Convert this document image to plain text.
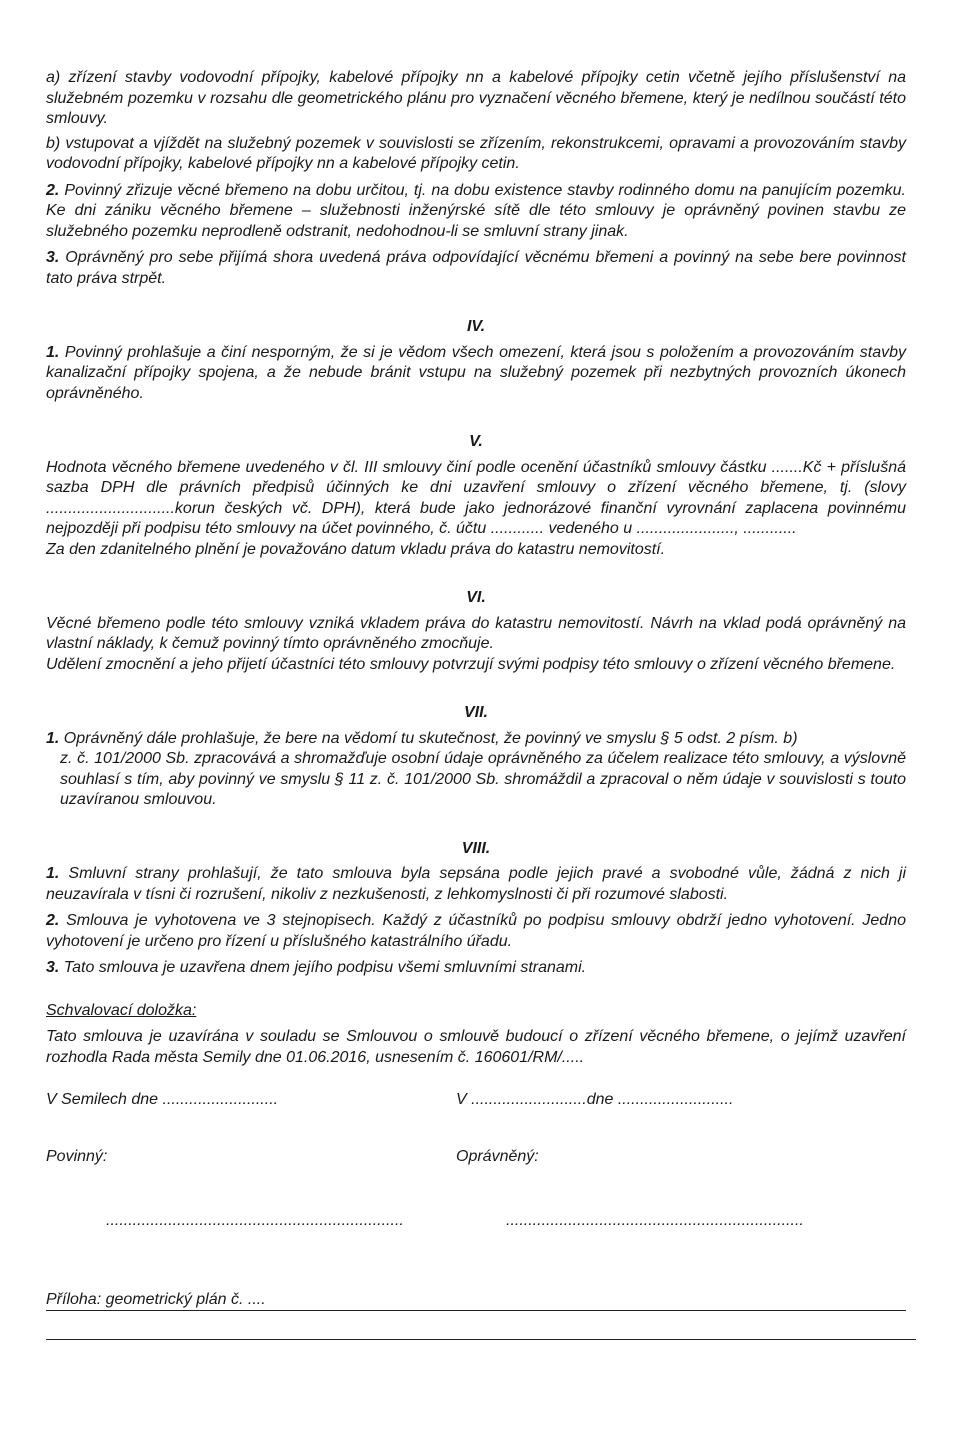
a) zřízení stavby vodovodní přípojky, kabelové přípojky nn a kabelové přípojky cetin včetně jejího příslušenství na služebném pozemku v rozsahu dle geometrického plánu pro vyznačení věcného břemene, který je nedílnou součástí této smlouvy.

b) vstupovat a vjíždět na služebný pozemek v souvislosti se zřízením, rekonstrukcemi, opravami a provozováním stavby vodovodní přípojky, kabelové přípojky nn a kabelové přípojky cetin.

2. Povinný zřizuje věcné břemeno na dobu určitou, tj. na dobu existence stavby rodinného domu na panujícím pozemku. Ke dni zániku věcného břemene – služebnosti inženýrské sítě dle této smlouvy je oprávněný povinen stavbu ze služebného pozemku neprodleně odstranit, nedohodnou-li se smluvní strany jinak.

3. Oprávněný pro sebe přijímá shora uvedená práva odpovídající věcnému břemeni a povinný na sebe bere povinnost tato práva strpět.

IV.

1. Povinný prohlašuje a činí nesporným, že si je vědom všech omezení, která jsou s položením a provozováním stavby kanalizační přípojky spojena, a že nebude bránit vstupu na služebný pozemek při nezbytných provozních úkonech oprávněného.

V.

Hodnota věcného břemene uvedeného v čl. III smlouvy činí podle ocenění účastníků smlouvy částku .......Kč + příslušná sazba DPH dle právních předpisů účinných ke dni uzavření smlouvy o zřízení věcného břemene, tj. (slovy .............................korun českých vč. DPH), která bude jako jednorázové finanční vyrovnání zaplacena povinnému nejpozději při podpisu této smlouvy na účet povinného, č. účtu ............ vedeného u ......................, ............

Za den zdanitelného plnění je považováno datum vkladu práva do katastru nemovitostí.

VI.

Věcné břemeno podle této smlouvy vzniká vkladem práva do katastru nemovitostí. Návrh na vklad podá oprávněný na vlastní náklady, k čemuž povinný tímto oprávněného zmocňuje.

Udělení zmocnění a jeho přijetí účastníci této smlouvy potvrzují svými podpisy této smlouvy o zřízení věcného břemene.

VII.

1. Oprávněný dále prohlašuje, že bere na vědomí tu skutečnost, že povinný ve smyslu § 5 odst. 2 písm. b)

z. č. 101/2000 Sb. zpracovává a shromažďuje osobní údaje oprávněného za účelem realizace této smlouvy, a výslovně souhlasí s tím, aby povinný ve smyslu § 11 z. č. 101/2000 Sb. shromáždil a zpracoval o něm údaje v souvislosti s touto uzavíranou smlouvou.

VIII.

1. Smluvní strany prohlašují, že tato smlouva byla sepsána podle jejich pravé a svobodné vůle, žádná z nich ji neuzavírala v tísni či rozrušení, nikoliv z nezkušenosti, z lehkomyslnosti či při rozumové slabosti.

2. Smlouva je vyhotovena ve 3 stejnopisech. Každý z účastníků po podpisu smlouvy obdrží jedno vyhotovení. Jedno vyhotovení je určeno pro řízení u příslušného katastrálního úřadu.

3. Tato smlouva je uzavřena dnem jejího podpisu všemi smluvními stranami.

Schvalovací doložka:

Tato smlouva je uzavírána v souladu se Smlouvou o smlouvě budoucí o zřízení věcného břemene, o jejímž uzavření rozhodla Rada města Semily dne 01.06.2016, usnesením č. 160601/RM/.....

V Semilech dne ..........................	V ..........................dne ..........................
Povinný:	Oprávněný:
...................................................................	...................................................................
Příloha: geometrický plán č. ....
